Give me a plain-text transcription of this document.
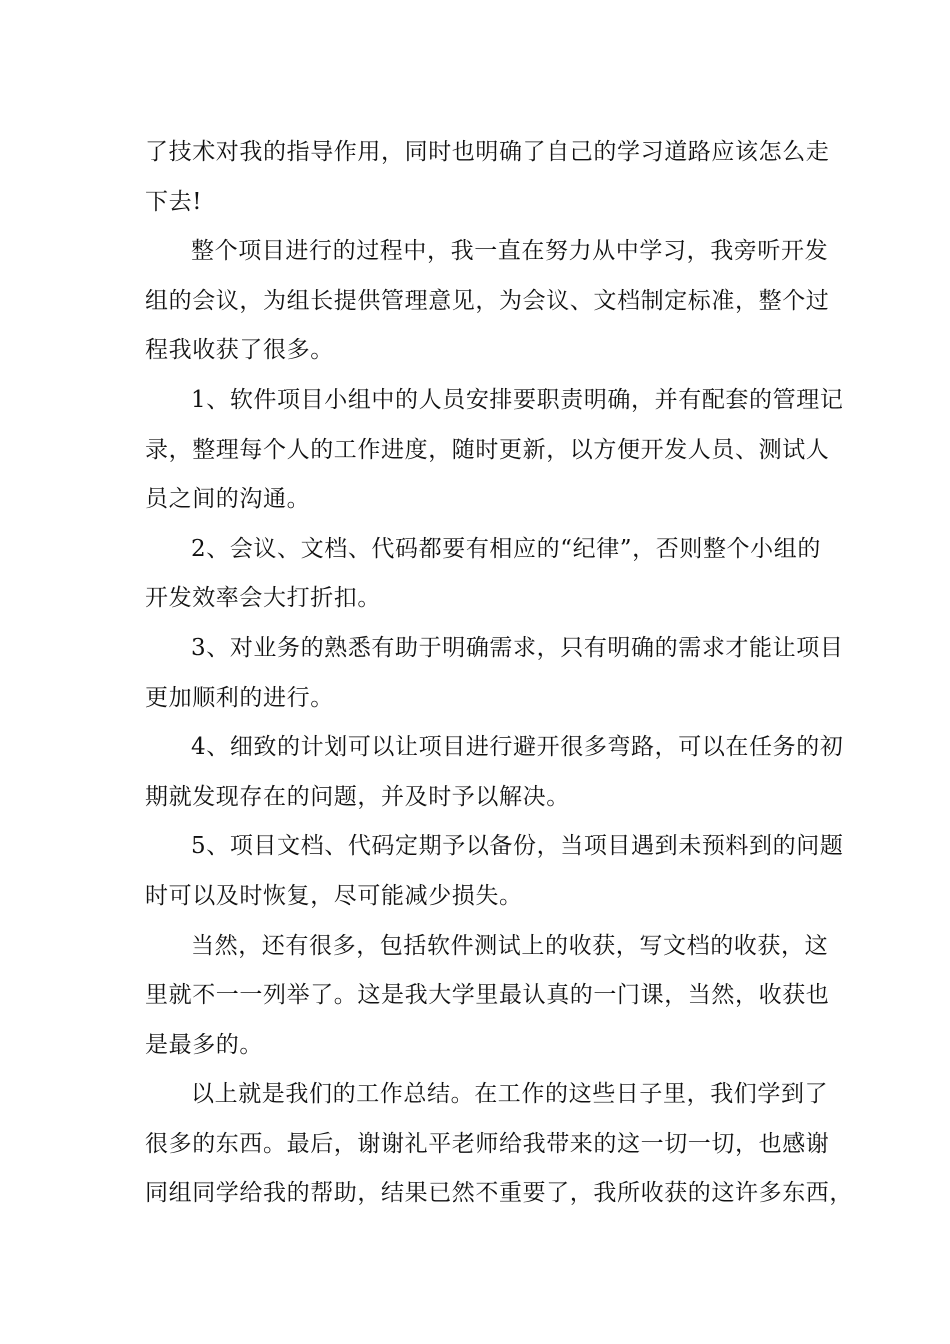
了技术对我的指导作用，同时也明确了自己的学习道路应该怎么走
下去!
整个项目进行的过程中，我一直在努力从中学习，我旁听开发
组的会议，为组长提供管理意见，为会议、文档制定标准，整个过
程我收获了很多。
1、软件项目小组中的人员安排要职责明确，并有配套的管理记
录，整理每个人的工作进度，随时更新，以方便开发人员、测试人
员之间的沟通。
2、会议、文档、代码都要有相应的“纪律”，否则整个小组的
开发效率会大打折扣。
3、对业务的熟悉有助于明确需求，只有明确的需求才能让项目
更加顺利的进行。
4、细致的计划可以让项目进行避开很多弯路，可以在任务的初
期就发现存在的问题，并及时予以解决。
5、项目文档、代码定期予以备份，当项目遇到未预料到的问题
时可以及时恢复，尽可能减少损失。
当然，还有很多，包括软件测试上的收获，写文档的收获，这
里就不一一列举了。这是我大学里最认真的一门课，当然，收获也
是最多的。
以上就是我们的工作总结。在工作的这些日子里，我们学到了
很多的东西。最后，谢谢礼平老师给我带来的这一切一切，也感谢
同组同学给我的帮助，结果已然不重要了，我所收获的这许多东西，
